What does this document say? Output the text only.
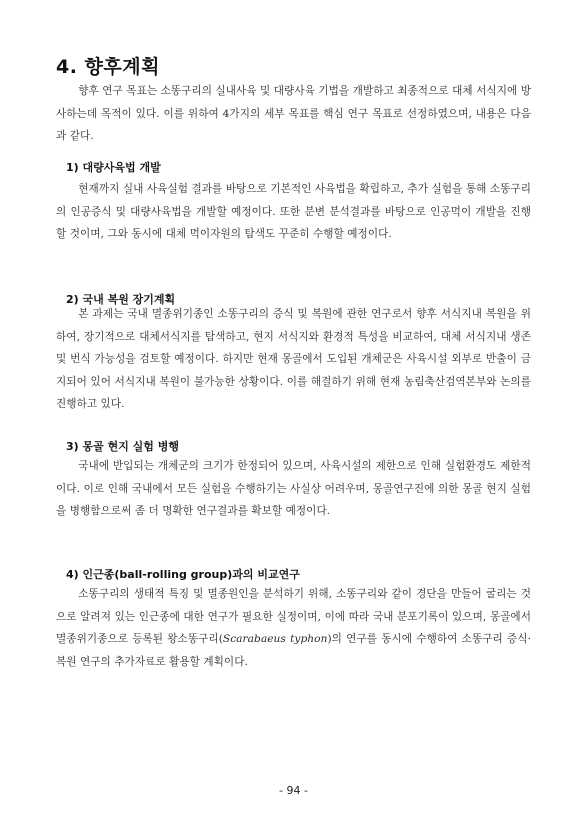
4. 향후계획

향후 연구 목표는 소똥구리의 실내사육 및 대량사육 기법을 개발하고 최종적으로 대체 서식지에 방사하는데 목적이 있다. 이를 위하여 4가지의 세부 목표를 핵심 연구 목표로 선정하였으며, 내용은 다음과 같다.

1) 대량사육법 개발

현재까지 실내 사육실험 결과를 바탕으로 기본적인 사육법을 확립하고, 추가 실험을 통해 소똥구리의 인공증식 및 대량사육법을 개발할 예정이다. 또한 분변 분석결과를 바탕으로 인공먹이 개발을 진행할 것이며, 그와 동시에 대체 먹이자원의 탐색도 꾸준히 수행할 예정이다.

2) 국내 복원 장기계획

본 과제는 국내 멸종위기종인 소똥구리의 증식 및 복원에 관한 연구로서 향후 서식지내 복원을 위하여, 장기적으로 대체서식지를 탐색하고, 현지 서식지와 환경적 특성을 비교하여, 대체 서식지내 생존 및 번식 가능성을 검토할 예정이다. 하지만 현재 몽골에서 도입된 개체군은 사육시설 외부로 반출이 금지되어 있어 서식지내 복원이 불가능한 상황이다. 이를 해결하기 위해 현재 농림축산검역본부와 논의를 진행하고 있다.

3) 몽골 현지 실험 병행

국내에 반입되는 개체군의 크기가 한정되어 있으며, 사육시설의 제한으로 인해 실험환경도 제한적이다. 이로 인해 국내에서 모든 실험을 수행하기는 사실상 어려우며, 몽골연구진에 의한 몽골 현지 실험을 병행함으로써 좀 더 명확한 연구결과를 확보할 예정이다.

4) 인근종(ball-rolling group)과의 비교연구

소똥구리의 생태적 특징 및 멸종원인을 분석하기 위해, 소똥구리와 같이 경단을 만들어 굴리는 것으로 알려져 있는 인근종에 대한 연구가 필요한 실정이며, 이에 따라 국내 분포기록이 있으며, 몽골에서 멸종위기종으로 등록된 왕소똥구리(Scarabaeus typhon)의 연구를 동시에 수행하여 소똥구리 증식·복원 연구의 추가자료로 활용할 계획이다.

- 94 -
